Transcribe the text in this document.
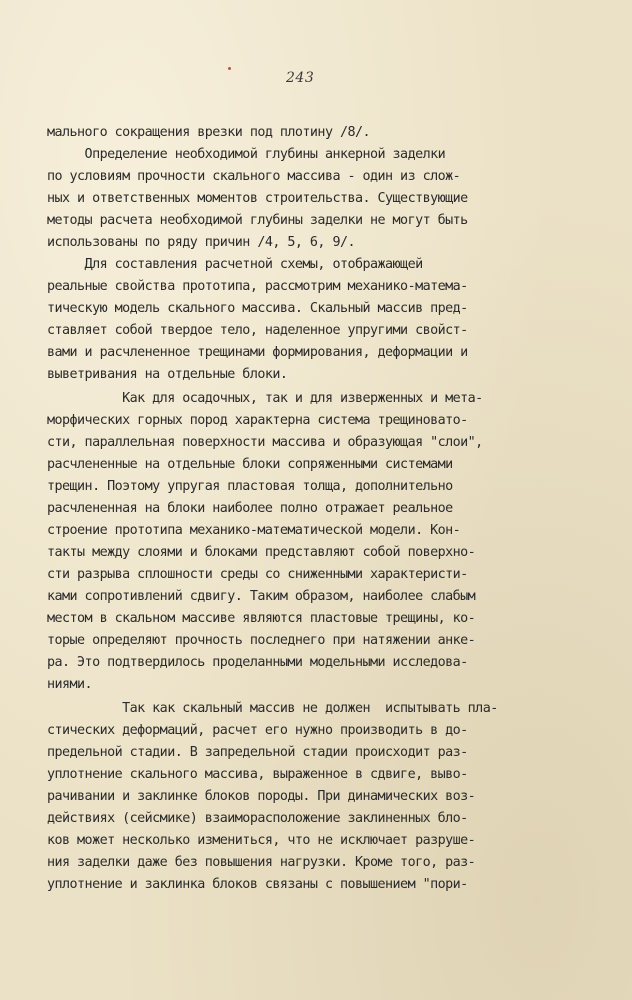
243
мального сокращения врезки под плотину /8/.
Определение необходимой глубины анкерной заделки
по условиям прочности скального массива - один из слож-
ных и ответственных моментов строительства. Существующие
методы расчета необходимой глубины заделки не могут быть
использованы по ряду причин /4, 5, 6, 9/.
Для составления расчетной схемы, отображающей
реальные свойства прототипа, рассмотрим механико-матема-
тическую модель скального массива. Скальный массив пред-
ставляет собой твердое тело, наделенное упругими свойст-
вами и расчлененное трещинами формирования, деформации и
выветривания на отдельные блоки.
Как для осадочных, так и для изверженных и мета-
морфических горных пород характерна система трещиновато-
сти, параллельная поверхности массива и образующая "слои",
расчлененные на отдельные блоки сопряженными системами
трещин. Поэтому упругая пластовая толща, дополнительно
расчлененная на блоки наиболее полно отражает реальное
строение прототипа механико-математической модели. Кон-
такты между слоями и блоками представляют собой поверхно-
сти разрыва сплошности среды со сниженными характеристи-
ками сопротивлений сдвигу. Таким образом, наиболее слабым
местом в скальном массиве являются пластовые трещины, ко-
торые определяют прочность последнего при натяжении анке-
ра. Это подтвердилось проделанными модельными исследова-
ниями.
Так как скальный массив не должен  испытывать пла-
стических деформаций, расчет его нужно производить в до-
предельной стадии. В запредельной стадии происходит раз-
уплотнение скального массива, выраженное в сдвиге, выво-
рачивании и заклинке блоков породы. При динамических воз-
действиях (сейсмике) взаиморасположение заклиненных бло-
ков может несколько измениться, что не исключает разруше-
ния заделки даже без повышения нагрузки. Кроме того, раз-
уплотнение и заклинка блоков связаны с повышением "пори-
